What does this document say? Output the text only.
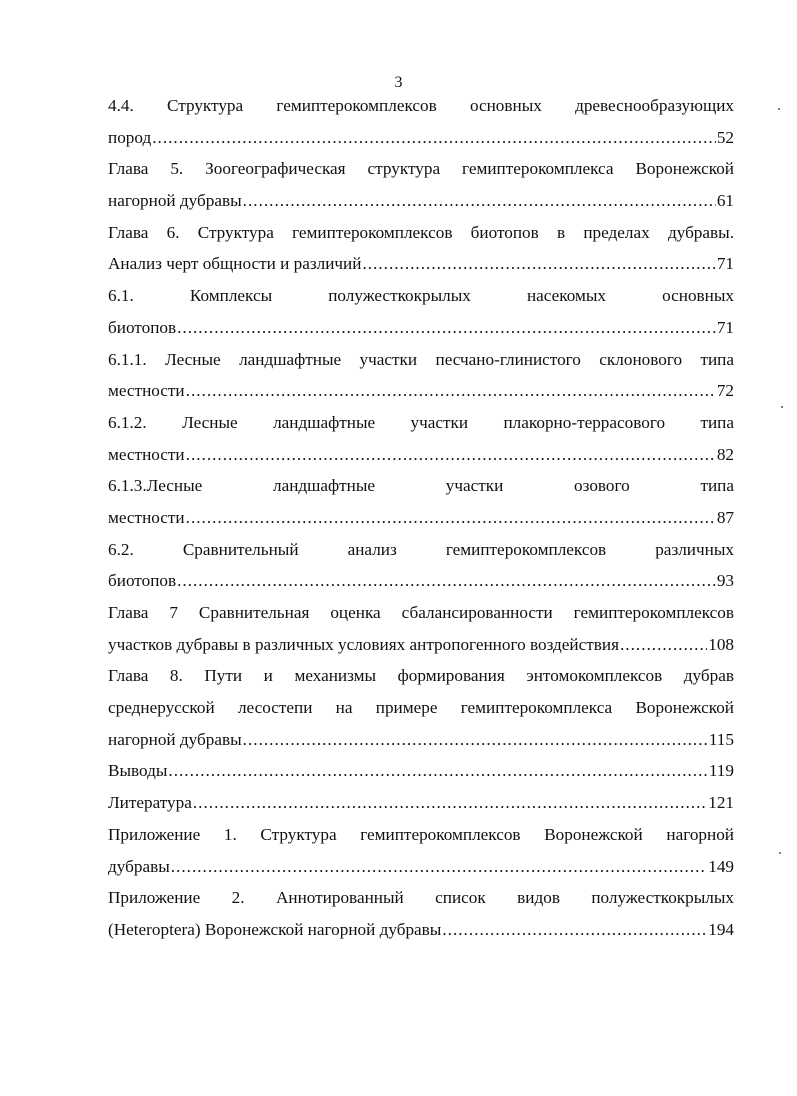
3
4.4. Структура гемиптерокомплексов основных древеснообразующих
пород .....	52
Глава 5. Зоогеографическая структура гемиптерокомплекса Воронежской
нагорной дубравы .....	61
Глава 6. Структура гемиптерокомплексов биотопов в пределах дубравы.
Анализ черт общности и различий .....	71
6.1. Комплексы полужесткокрылых насекомых основных
биотопов .....	71
6.1.1. Лесные ландшафтные участки песчано-глинистого склонового типа
местности .....	72
6.1.2. Лесные ландшафтные участки плакорно-террасового типа
местности .....	82
6.1.3.Лесные ландшафтные участки озового типа
местности .....	87
6.2. Сравнительный анализ гемиптерокомплексов различных
биотопов .....	93
Глава 7 Сравнительная оценка сбалансированности гемиптерокомплексов
участков дубравы в различных условиях антропогенного воздействия .....	108
Глава 8. Пути и механизмы формирования энтомокомплексов дубрав
среднерусской лесостепи на примере гемиптерокомплекса Воронежской
нагорной дубравы .....	115
Выводы .....	119
Литература .....	121
Приложение 1. Структура гемиптерокомплексов Воронежской нагорной
дубравы .....	149
Приложение 2. Аннотированный список видов полужесткокрылых
(Heteroptera) Воронежской нагорной дубравы .....	194
